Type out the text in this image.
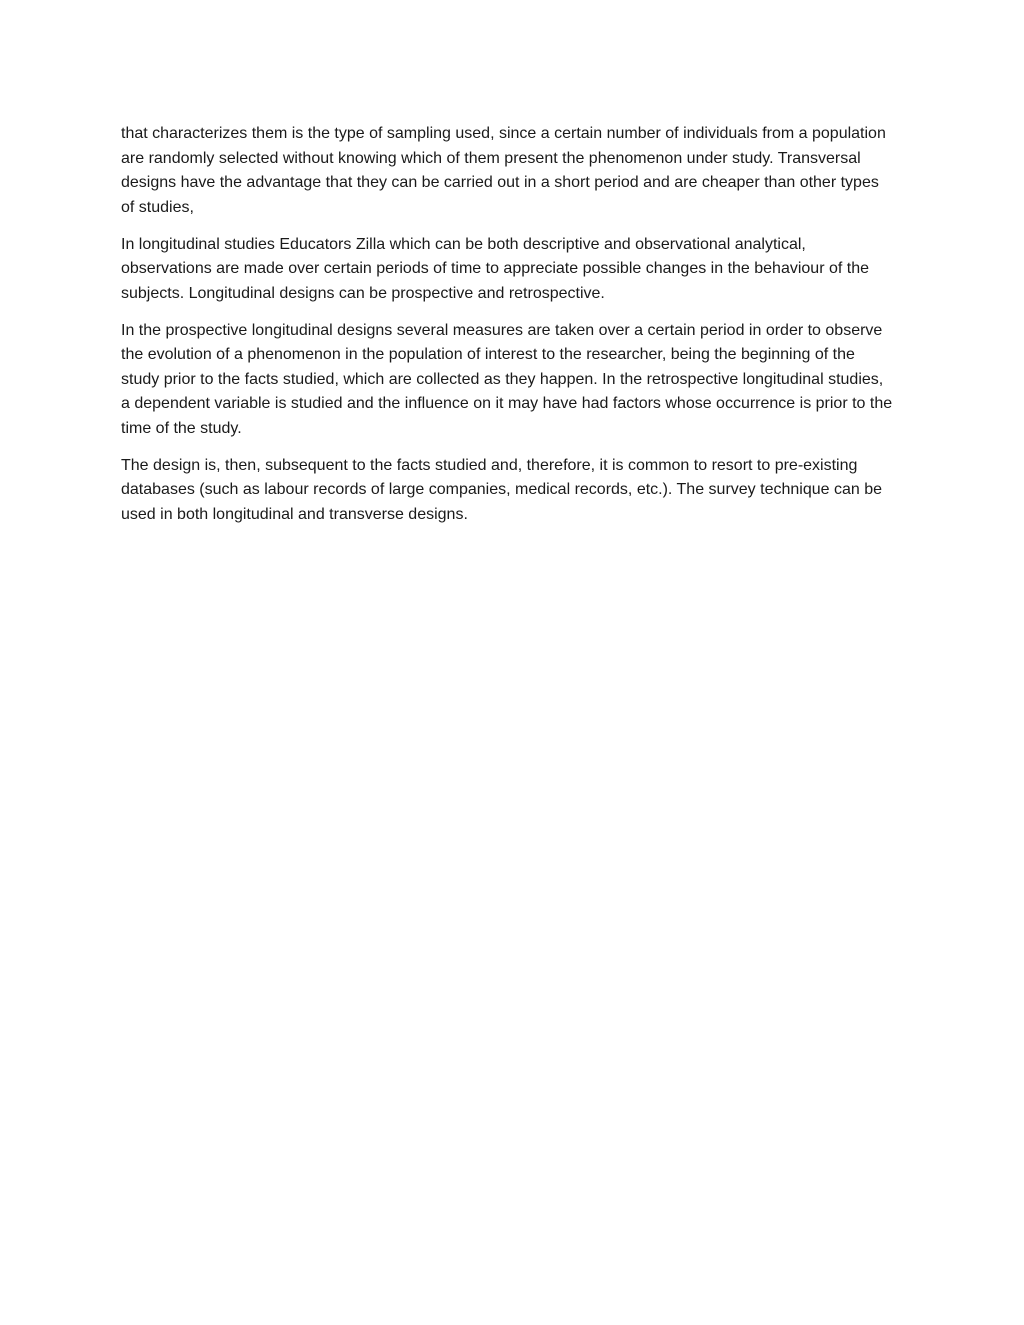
that characterizes them is the type of sampling used, since a certain number of individuals from a population are randomly selected without knowing which of them present the phenomenon under study. Transversal designs have the advantage that they can be carried out in a short period and are cheaper than other types of studies,

In longitudinal studies Educators Zilla which can be both descriptive and observational analytical, observations are made over certain periods of time to appreciate possible changes in the behaviour of the subjects. Longitudinal designs can be prospective and retrospective.

In the prospective longitudinal designs several measures are taken over a certain period in order to observe the evolution of a phenomenon in the population of interest to the researcher, being the beginning of the study prior to the facts studied, which are collected as they happen. In the retrospective longitudinal studies, a dependent variable is studied and the influence on it may have had factors whose occurrence is prior to the time of the study.

The design is, then, subsequent to the facts studied and, therefore, it is common to resort to pre-existing databases (such as labour records of large companies, medical records, etc.). The survey technique can be used in both longitudinal and transverse designs.
